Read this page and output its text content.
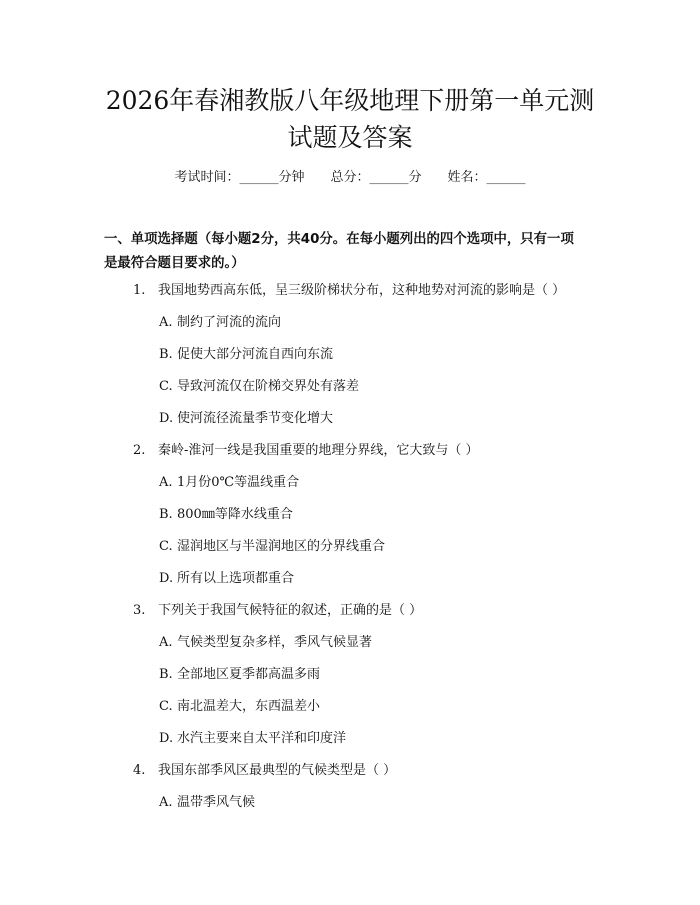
2026年春湘教版八年级地理下册第一单元测
试题及答案
考试时间：______分钟 总分：______分 姓名：______
一、单项选择题（每小题2分，共40分。在每小题列出的四个选项中，只有一项
是最符合题目要求的。）
1. 我国地势西高东低，呈三级阶梯状分布，这种地势对河流的影响是（ ）
A. 制约了河流的流向
B. 促使大部分河流自西向东流
C. 导致河流仅在阶梯交界处有落差
D. 使河流径流量季节变化增大
2. 秦岭-淮河一线是我国重要的地理分界线，它大致与（ ）
A. 1月份0℃等温线重合
B. 800㎜等降水线重合
C. 湿润地区与半湿润地区的分界线重合
D. 所有以上选项都重合
3. 下列关于我国气候特征的叙述，正确的是（ ）
A. 气候类型复杂多样，季风气候显著
B. 全部地区夏季都高温多雨
C. 南北温差大，东西温差小
D. 水汽主要来自太平洋和印度洋
4. 我国东部季风区最典型的气候类型是（ ）
A. 温带季风气候
